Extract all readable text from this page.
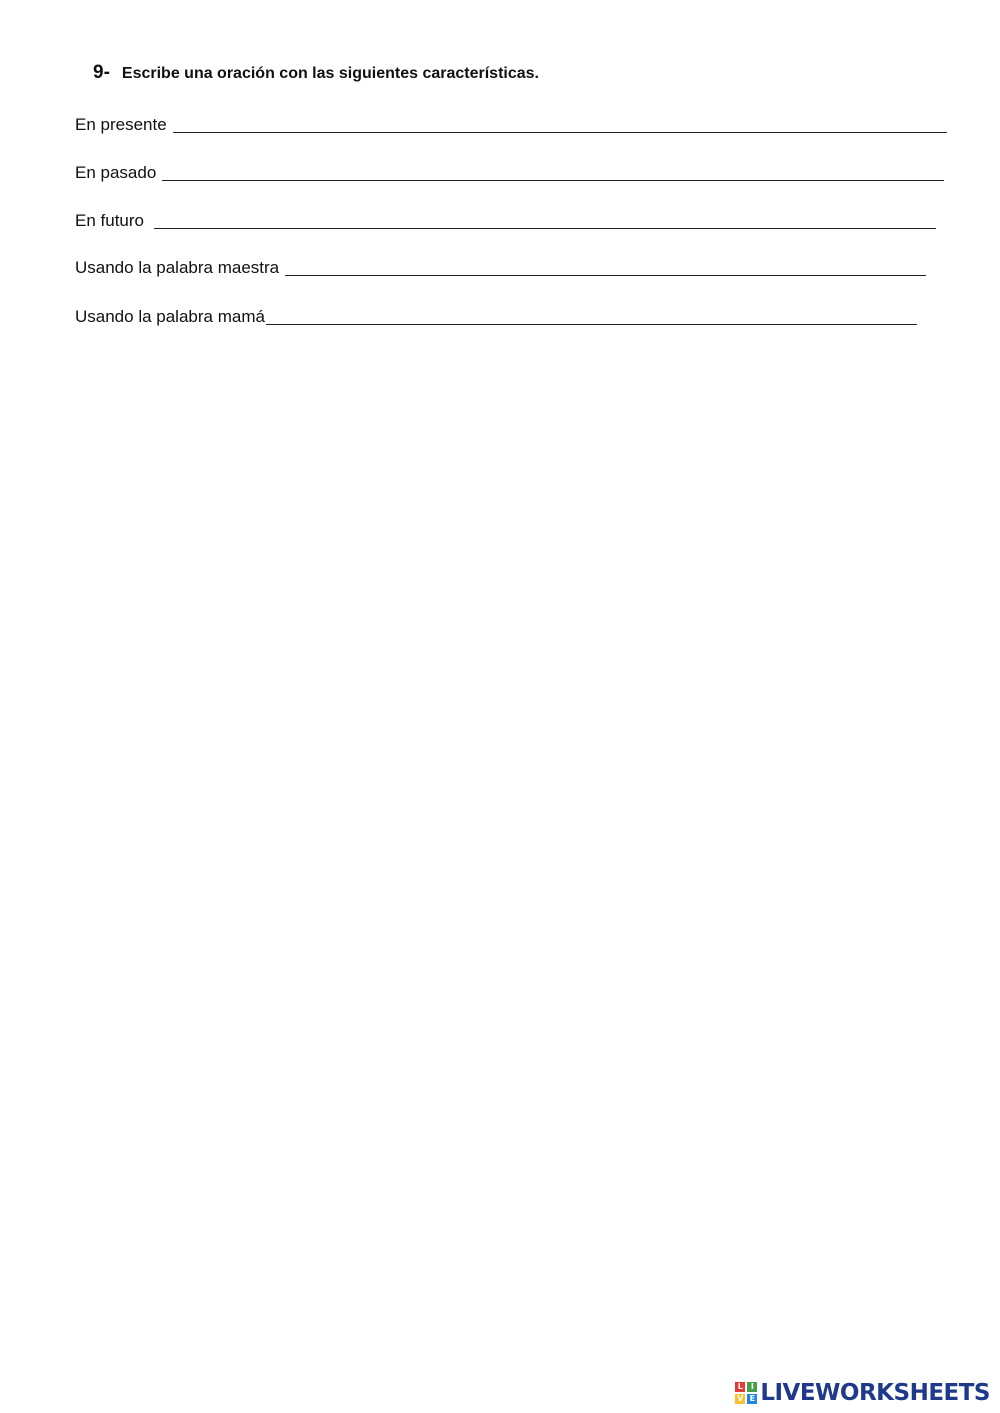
9- Escribe una oración con las siguientes características.
En presente
En pasado
En futuro
Usando la palabra maestra
Usando la palabra mamá
L I
V E LIVEWORKSHEETS
